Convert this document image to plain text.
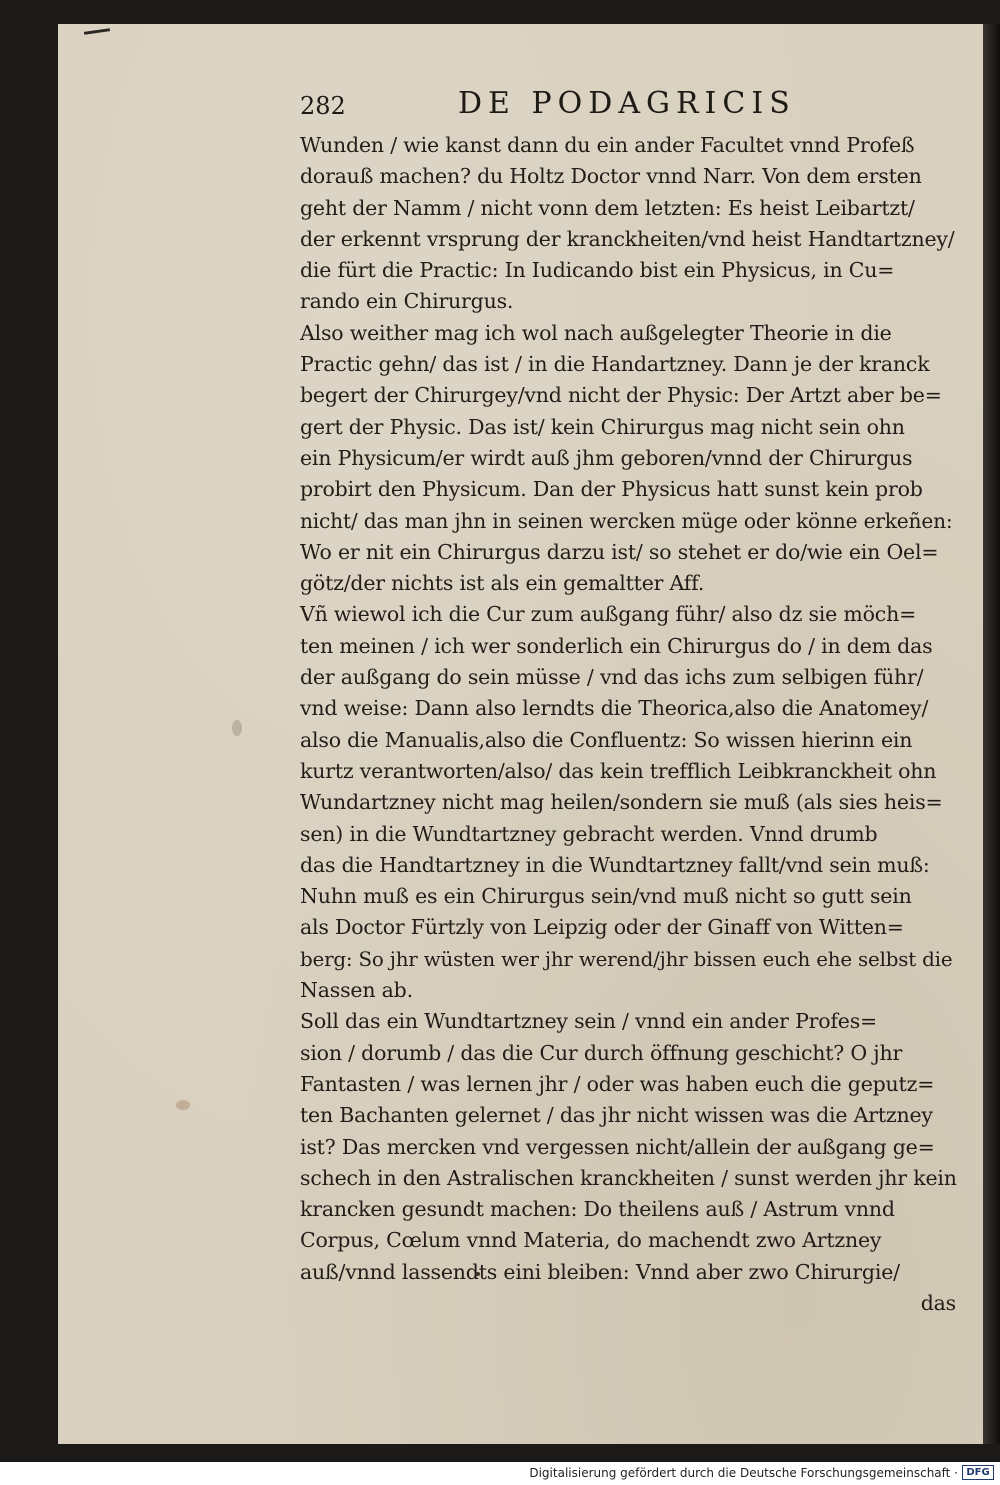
282	DE PODAGRICIS
Wunden / wie kanst dann du ein ander Facultet vnnd Profeß
dorauß machen? du Holtz Doctor vnnd Narr. Von dem ersten
geht der Namm / nicht vonn dem letzten: Es heist Leibartzt/
der erkennt vrsprung der kranckheiten/vnd heist Handtartzney/
die fürt die Practic: In Iudicando bist ein Physicus, in Cu=
rando ein Chirurgus.
Also weither mag ich wol nach außgelegter Theorie in die
Practic gehn/ das ist / in die Handartzney. Dann je der kranck
begert der Chirurgey/vnd nicht der Physic: Der Artzt aber be=
gert der Physic. Das ist/ kein Chirurgus mag nicht sein ohn
ein Physicum/er wirdt auß jhm geboren/vnnd der Chirurgus
probirt den Physicum. Dan der Physicus hatt sunst kein prob
nicht/ das man jhn in seinen wercken müge oder könne erkeñen:
Wo er nit ein Chirurgus darzu ist/ so stehet er do/wie ein Oel=
götz/der nichts ist als ein gemaltter Aff.
Vñ wiewol ich die Cur zum außgang führ/ also dz sie möch=
ten meinen / ich wer sonderlich ein Chirurgus do / in dem das
der außgang do sein müsse / vnd das ichs zum selbigen führ/
vnd weise: Dann also lerndts die Theorica,also die Anatomey/
also die Manualis,also die Confluentz: So wissen hierinn ein
kurtz verantworten/also/ das kein trefflich Leibkranckheit ohn
Wundartzney nicht mag heilen/sondern sie muß (als sies heis=
sen) in die Wundtartzney gebracht werden. Vnnd drumb
das die Handtartzney in die Wundtartzney fallt/vnd sein muß:
Nuhn muß es ein Chirurgus sein/vnd muß nicht so gutt sein
als Doctor Fürtzly von Leipzig oder der Ginaff von Witten=
berg: So jhr wüsten wer jhr werend/jhr bissen euch ehe selbst die
Nassen ab.
Soll das ein Wundtartzney sein / vnnd ein ander Profes=
sion / dorumb / das die Cur durch öffnung geschicht? O jhr
Fantasten / was lernen jhr / oder was haben euch die geputz=
ten Bachanten gelernet / das jhr nicht wissen was die Artzney
ist? Das mercken vnd vergessen nicht/allein der außgang ge=
schech in den Astralischen kranckheiten / sunst werden jhr kein
krancken gesundt machen: Do theilens auß / Astrum vnnd
Corpus, Cœlum vnnd Materia, do machendt zwo Artzney
auß/vnnd lassendts eini bleiben: Vnnd aber zwo Chirurgie/
das
Digitalisierung gefördert durch die Deutsche Forschungsgemeinschaft · DFG
